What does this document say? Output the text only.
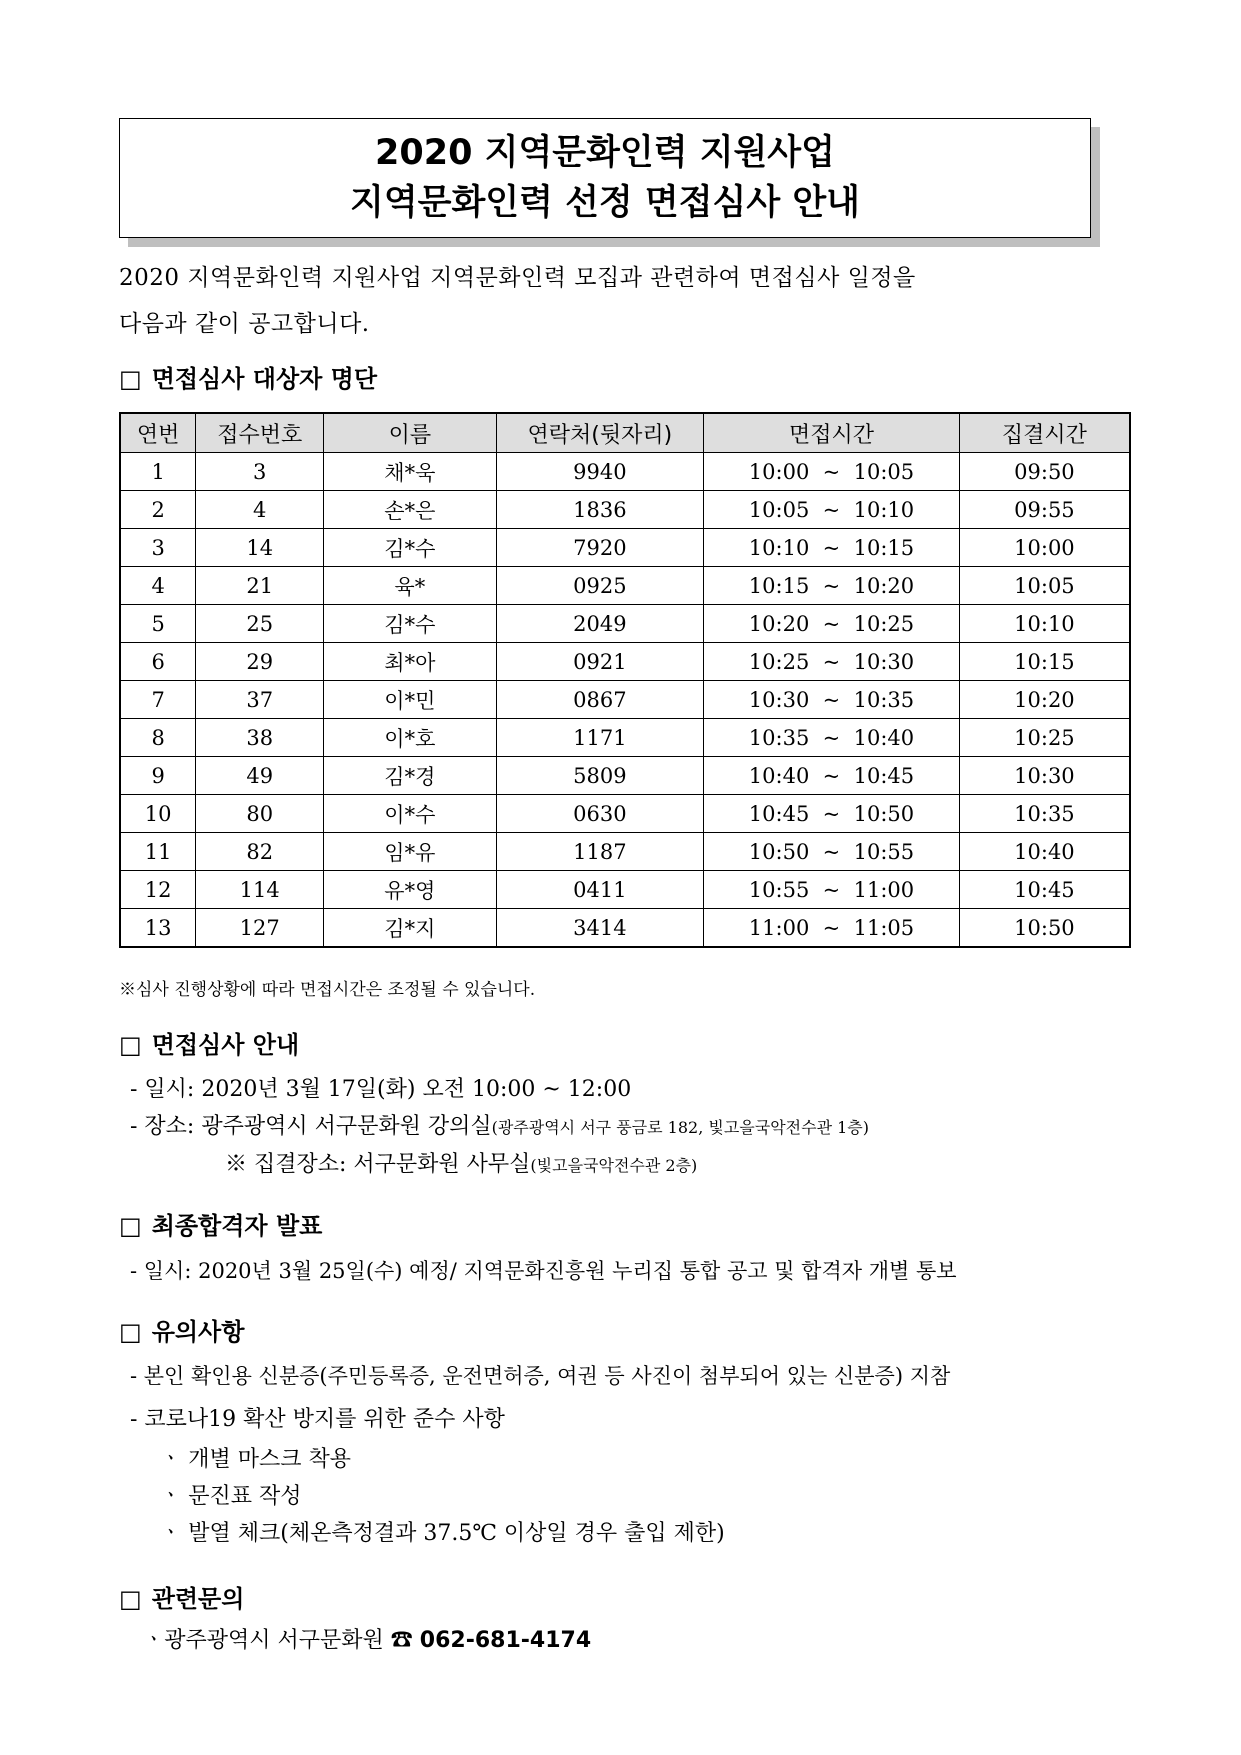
2020 지역문화인력 지원사업
지역문화인력 선정 면접심사 안내
2020 지역문화인력 지원사업 지역문화인력 모집과 관련하여 면접심사 일정을
다음과 같이 공고합니다.
□ 면접심사 대상자 명단
연번	접수번호	이름	연락처(뒷자리)	면접시간	집결시간
1	3	채*욱	9940	10:00  ~  10:05	09:50
2	4	손*은	1836	10:05  ~  10:10	09:55
3	14	김*수	7920	10:10  ~  10:15	10:00
4	21	육*	0925	10:15  ~  10:20	10:05
5	25	김*수	2049	10:20  ~  10:25	10:10
6	29	최*아	0921	10:25  ~  10:30	10:15
7	37	이*민	0867	10:30  ~  10:35	10:20
8	38	이*호	1171	10:35  ~  10:40	10:25
9	49	김*경	5809	10:40  ~  10:45	10:30
10	80	이*수	0630	10:45  ~  10:50	10:35
11	82	임*유	1187	10:50  ~  10:55	10:40
12	114	유*영	0411	10:55  ~  11:00	10:45
13	127	김*지	3414	11:00  ~  11:05	10:50
※심사 진행상황에 따라 면접시간은 조정될 수 있습니다.
□ 면접심사 안내
- 일시: 2020년 3월 17일(화) 오전 10:00 ~ 12:00
- 장소: 광주광역시 서구문화원 강의실(광주광역시 서구 풍금로 182, 빛고을국악전수관 1층)
※ 집결장소: 서구문화원 사무실(빛고을국악전수관 2층)
□ 최종합격자 발표
- 일시: 2020년 3월 25일(수) 예정/ 지역문화진흥원 누리집 통합 공고 및 합격자 개별 통보
□ 유의사항
- 본인 확인용 신분증(주민등록증, 운전면허증, 여권 등 사진이 첨부되어 있는 신분증) 지참
- 코로나19 확산 방지를 위한 준수 사항
ㆍ 개별 마스크 착용
ㆍ 문진표 작성
ㆍ 발열 체크(체온측정결과 37.5℃ 이상일 경우 출입 제한)
□ 관련문의
ㆍ광주광역시 서구문화원 ☎ 062-681-4174
